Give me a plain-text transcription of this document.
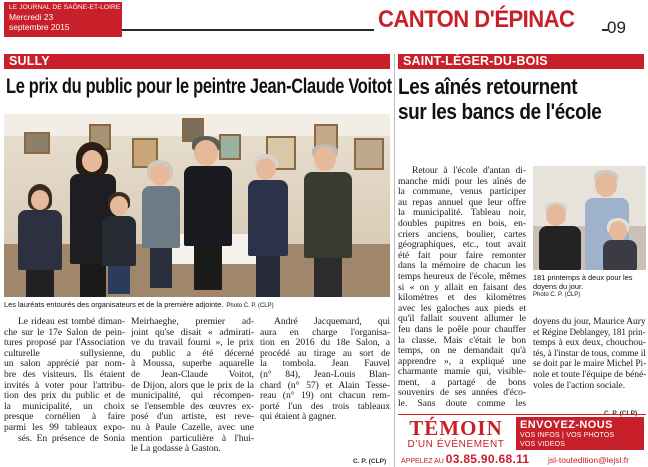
LE JOURNAL DE SAÔNE-ET-LOIRE
Mercredi 23
septembre 2015	CANTON D'ÉPINAC 09
SULLY
Le prix du public pour le peintre Jean-Claude Voitot
Les lauréats entourés des organisateurs et de la première adjointe. Photo C. P. (CLP)

Le rideau est tombé diman-

che sur le 17e Salon de pein-

tures proposé par l'Association

culturelle sullysienne,

un salon apprécié par nom-

bre des visiteurs. Ils étaient

invités à voter pour l'attribu-

tion des prix du public et de

la municipalité, un choix

presque cornélien à faire

parmi les 99 tableaux expo-

sés. En présence de Sonia

Meirhaeghe, premier ad-

joint qu'se disait « admirati-

ve du travail fourni », le prix

du public a été décerné

à Moussa, superbe aquarelle

de Jean-Claude Voitot,

de Dijon, alors que le prix de la

municipalité, qui récompen-

se l'ensemble des œuvres ex-

posé d'un artiste, est reve-

nu à Paule Cazelle, avec une

mention particulière à l'hui-

le La godasse à Gaston.

André Jacquemard, qui

aura en charge l'organisa-

tion en 2016 du 18e Salon, a

procédé au tirage au sort de

la tombola. Jean Fauvel

(n° 84), Jean-Louis Blan-

chard (n° 57) et Alain Tesse-

reau (n° 19) ont chacun rem-

porté l'un des trois tableaux

qui étaient à gagner.

C. P. (CLP)
SAINT-LÉGER-DU-BOIS
Les aînés retournent
sur les bancs de l'école

Retour à l'école d'antan di-

manche midi pour les aînés de

la commune, venus participer

au repas annuel que leur offre

la municipalité. Tableau noir,

doubles pupitres en bois, en-

criers anciens, boulier, cartes

géographiques, etc., tout avait

été fait pour faire remonter

dans la mémoire de chacun les

temps heureux de l'école, mêmes

si « on y allait en faisant des

kilomètres et des kilomètres

avec les galoches aux pieds et

qu'il fallait souvent allumer le

feu dans le poêle pour chauffer

la classe. Mais c'était le bon

temps, on ne demandait qu'à

apprendre », a expliqué une

charmante mamie qui, visible-

ment, a partagé de bons

souvenirs de ses années d'éco-

le. Sans doute comme les

181 printemps à deux pour les
doyens du jour.
Photo C. P. (CLP)

doyens du jour, Maurice Aury

et Régine Deblangey, 181 prin-

temps à eux deux, chouchou-

tés, à l'instar de tous, comme il

se doit par le maire Michel Pi-

nole et toute l'équipe de béné-

voles de l'action sociale.

C. P. (CLP)
TÉMOIN
D'UN ÉVÉNEMENT
ENVOYEZ-NOUS
VOS INFOS | VOS PHOTOS
VOS VIDEOS
APPELEZ AU 03.85.90.68.11 jsl-toutedition@lejsl.fr
